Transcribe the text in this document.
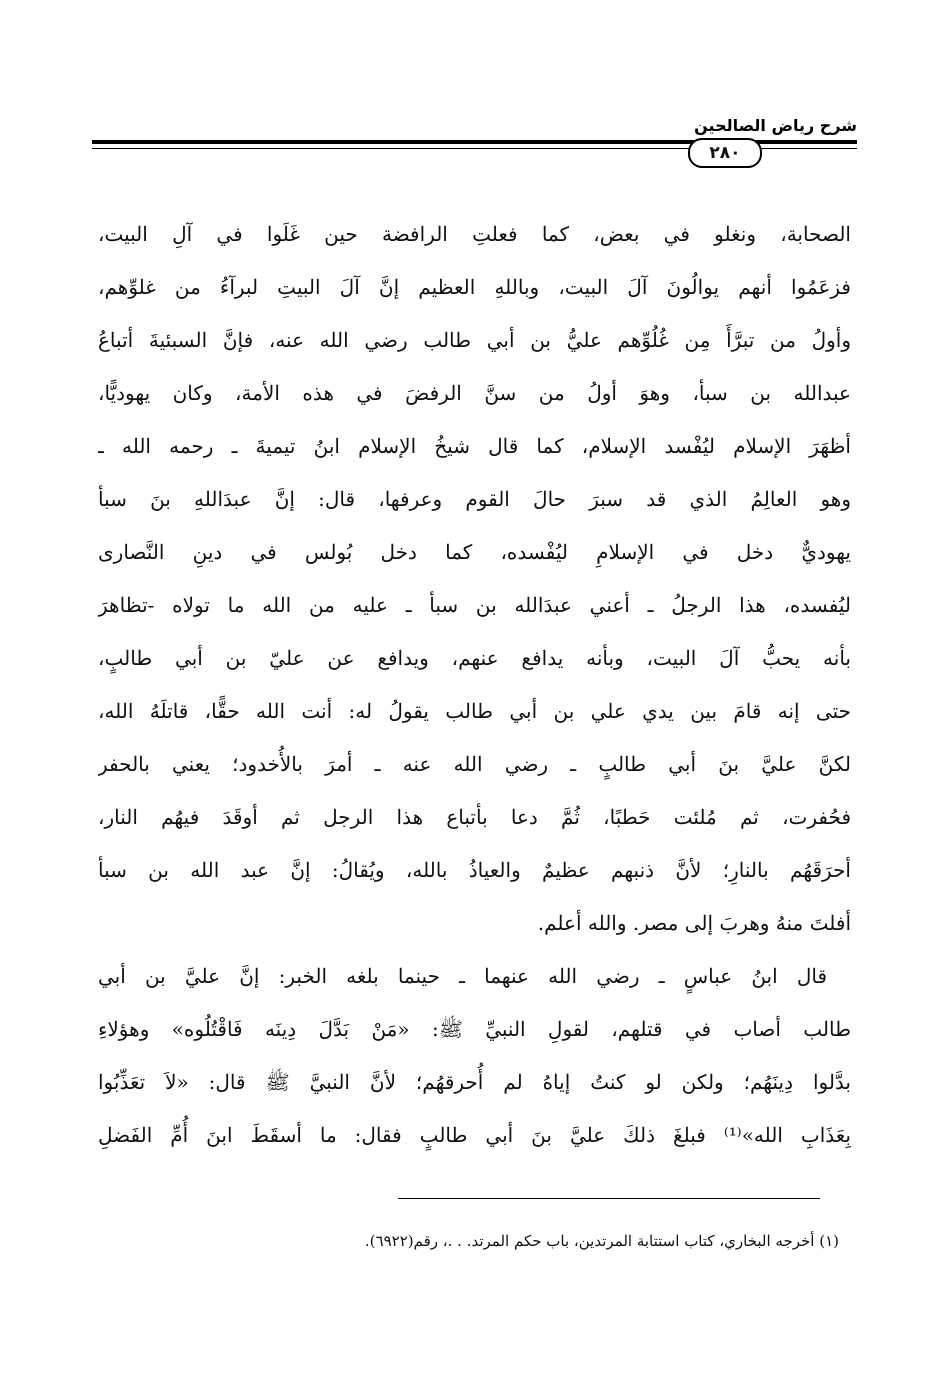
شرح رياض الصالحين
٢٨٠
الصحابة، ونغلو في بعض، كما فعلتِ الرافضة حين غَلَوا في آلِ البيت،
فزعَمُوا أنهم يوالُونَ آلَ البيت، وباللهِ العظيم إنَّ آلَ البيتِ لبرآءُ من غلوِّهم،
وأولُ من تبرَّأَ مِن غُلُوِّهم عليُّ بن أبي طالب رضي الله عنه، فإنَّ السبئيةَ أتباعُ
عبدالله بن سبأ، وهوَ أولُ من سنَّ الرفضَ في هذه الأمة، وكان يهوديًّا،
أظهَرَ الإسلام ليُفْسد الإسلام، كما قال شيخُ الإسلام ابنُ تيميةَ ـ رحمه الله ـ
وهو العالِمُ الذي قد سبرَ حالَ القوم وعرفها، قال: إنَّ عبدَاللهِ بنَ سبأ
يهوديٌّ دخل في الإسلامِ ليُفْسده، كما دخل بُولس في دينِ النَّصارى
ليُفسده، هذا الرجلُ ـ أعني عبدَالله بن سبأ ـ عليه من الله ما تولاه -تظاهرَ
بأنه يحبُّ آلَ البيت، وبأنه يدافع عنهم، ويدافع عن عليّ بن أبي طالبٍ،
حتى إنه قامَ بين يدي علي بن أبي طالب يقولُ له: أنت الله حقًّا، قاتلَهُ الله،
لكنَّ عليَّ بنَ أبي طالبٍ ـ رضي الله عنه ـ أمرَ بالأُخدود؛ يعني بالحفر
فحُفرت، ثم مُلئت حَطبًا، ثُمَّ دعا بأتباع هذا الرجل ثم أوقَدَ فيهُم النار،
أحرَقَهُم بالنارِ؛ لأنَّ ذنبهم عظيمٌ والعياذُ بالله، ويُقالُ: إنَّ عبد الله بن سبأ
أفلتَ منهُ وهربَ إلى مصر. والله أعلم.
قال ابنُ عباسٍ ـ رضي الله عنهما ـ حينما بلغه الخبر: إنَّ عليَّ بن أبي
طالب أصاب في قتلهم، لقولِ النبيِّ ﷺ: «مَنْ بَدَّلَ دِينَه فَاقْتُلُوه» وهؤلاءِ
بدَّلوا دِينَهُم؛ ولكن لو كنتُ إياهُ لم أُحرقهُم؛ لأنَّ النبيَّ ﷺ قال: «لاَ تعَذِّبُوا
بِعَذَابِ الله»⁽¹⁾ فبلغَ ذلكَ عليَّ بنَ أبي طالبٍ فقال: ما أسقَطَ ابنَ أُمِّ الفَضلِ
(١) أخرجه البخاري، كتاب استتابة المرتدين، باب حكم المرتد. . .، رقم(٦٩٢٢).
